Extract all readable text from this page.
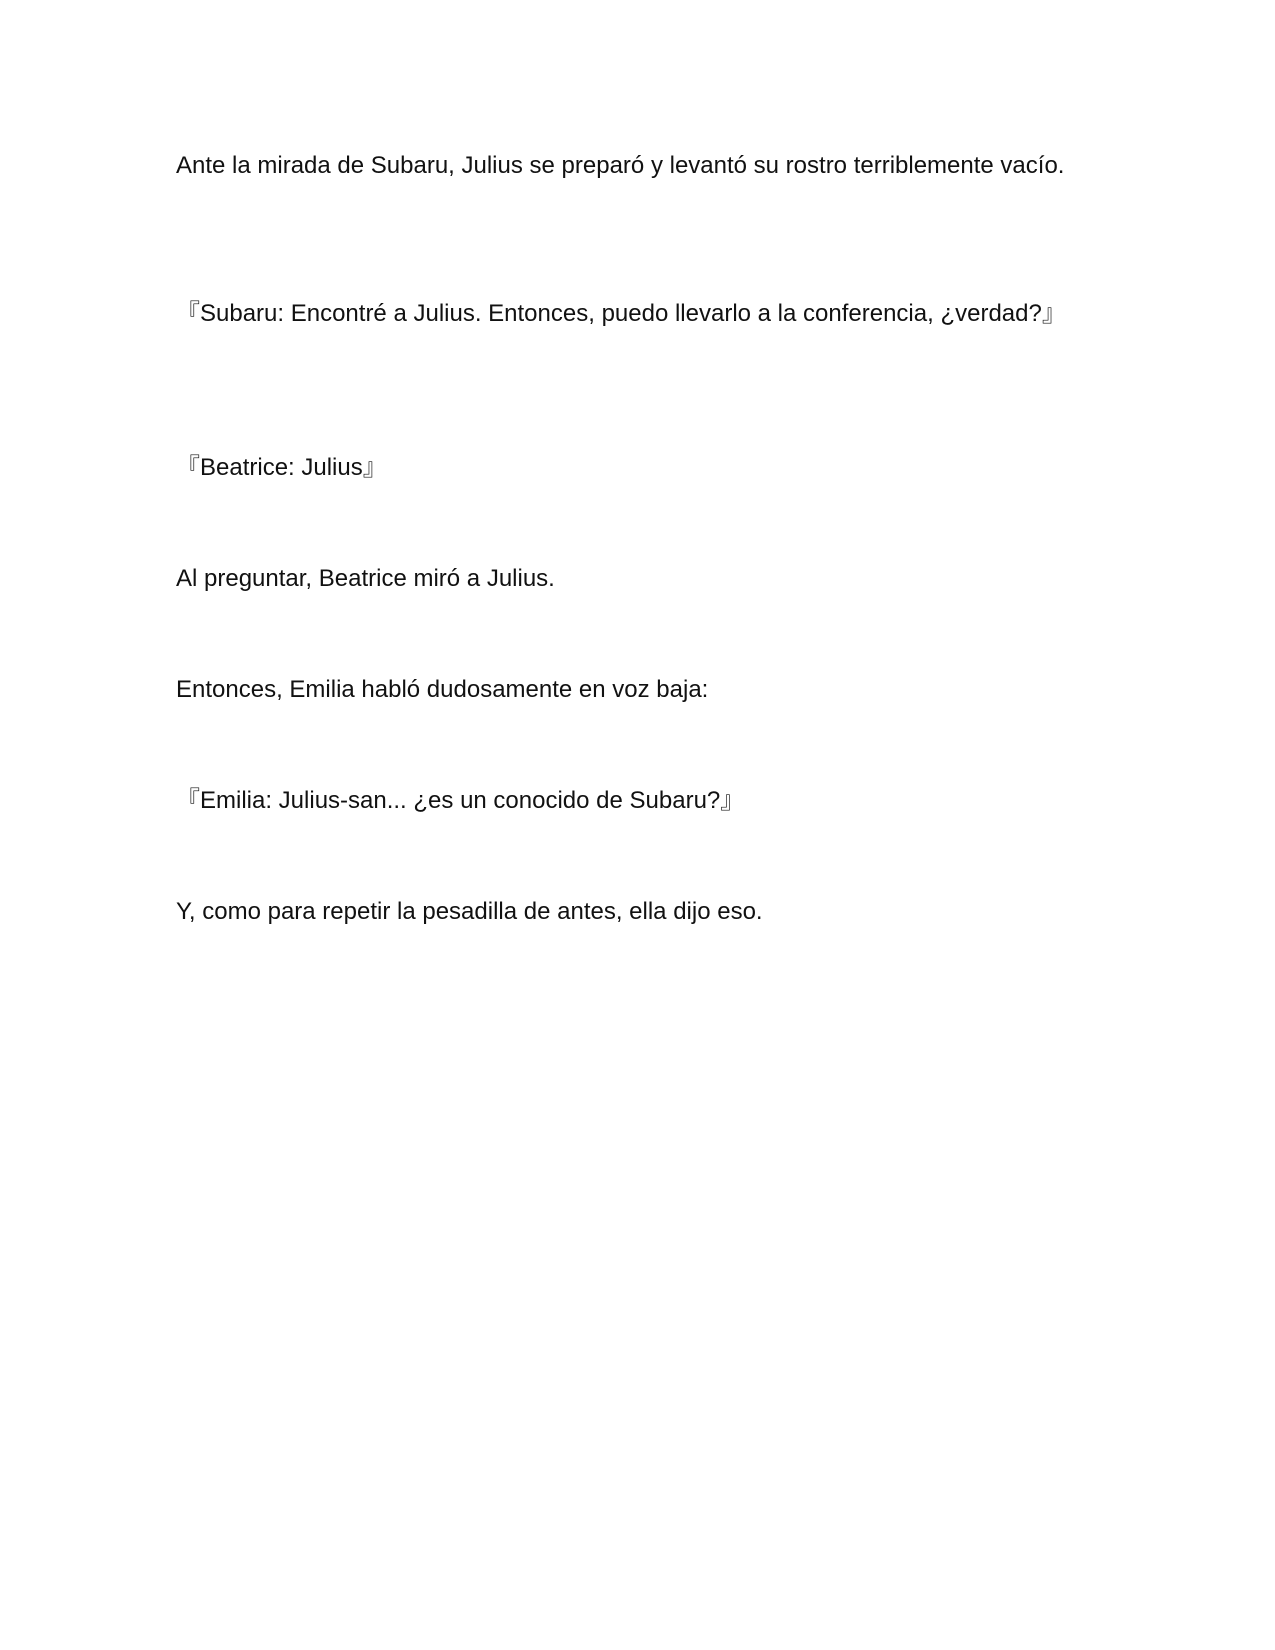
Ante la mirada de Subaru, Julius se preparó y levantó su rostro terriblemente vacío.

『Subaru: Encontré a Julius. Entonces, puedo llevarlo a la conferencia, ¿verdad?』

『Beatrice: Julius』

Al preguntar, Beatrice miró a Julius.

Entonces, Emilia habló dudosamente en voz baja:

『Emilia: Julius-san... ¿es un conocido de Subaru?』

Y, como para repetir la pesadilla de antes, ella dijo eso.
